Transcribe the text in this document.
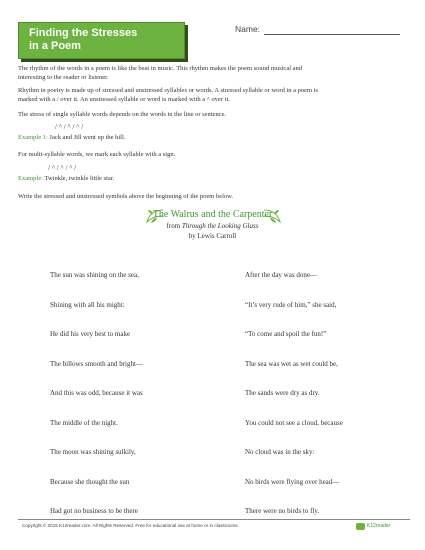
Finding the Stresses
in a Poem
Name:
The rhythm of the words in a poem is like the beat in music. This rhythm makes the poem sound musical and
interesting to the reader or listener.
Rhythm in poetry is made up of stressed and unstressed syllables or words. A stressed syllable or word in a poem is
marked with a / over it. An unstressed syllable or word is marked with a ^ over it.
The stress of single syllable words depends on the words in the line or sentence.
/ ^ / ^ / ^ /
Example 1: Jack and Jill went up the hill.
For multi-syllable words, we mark each syllable with a sign.
/ ^ / ^ / ^ /
Example: Twinkle, twinkle little star.
Write the stressed and unstressed symbols above the beginning of the poem below.
The Walrus and the Carpenter
from Through the Looking Glass
by Lewis Carroll
The sun was shining on the sea,
Shining with all his might:
He did his very best to make
The billows smooth and bright—
And this was odd, because it was
The middle of the night.
The moon was shining sulkily,
Because she thought the sun
Had got no business to be there
After the day was done—
“It’s very rude of him,” she said,
“To come and spoil the fun!”
The sea was wet as wet could be,
The sands were dry as dry.
You could not see a cloud, because
No cloud was in the sky:
No birds were flying over head—
There were no birds to fly.
Copyright © 2015 K12reader.com. All Rights Reserved. Free for educational use at home or in classrooms.	K12reader
